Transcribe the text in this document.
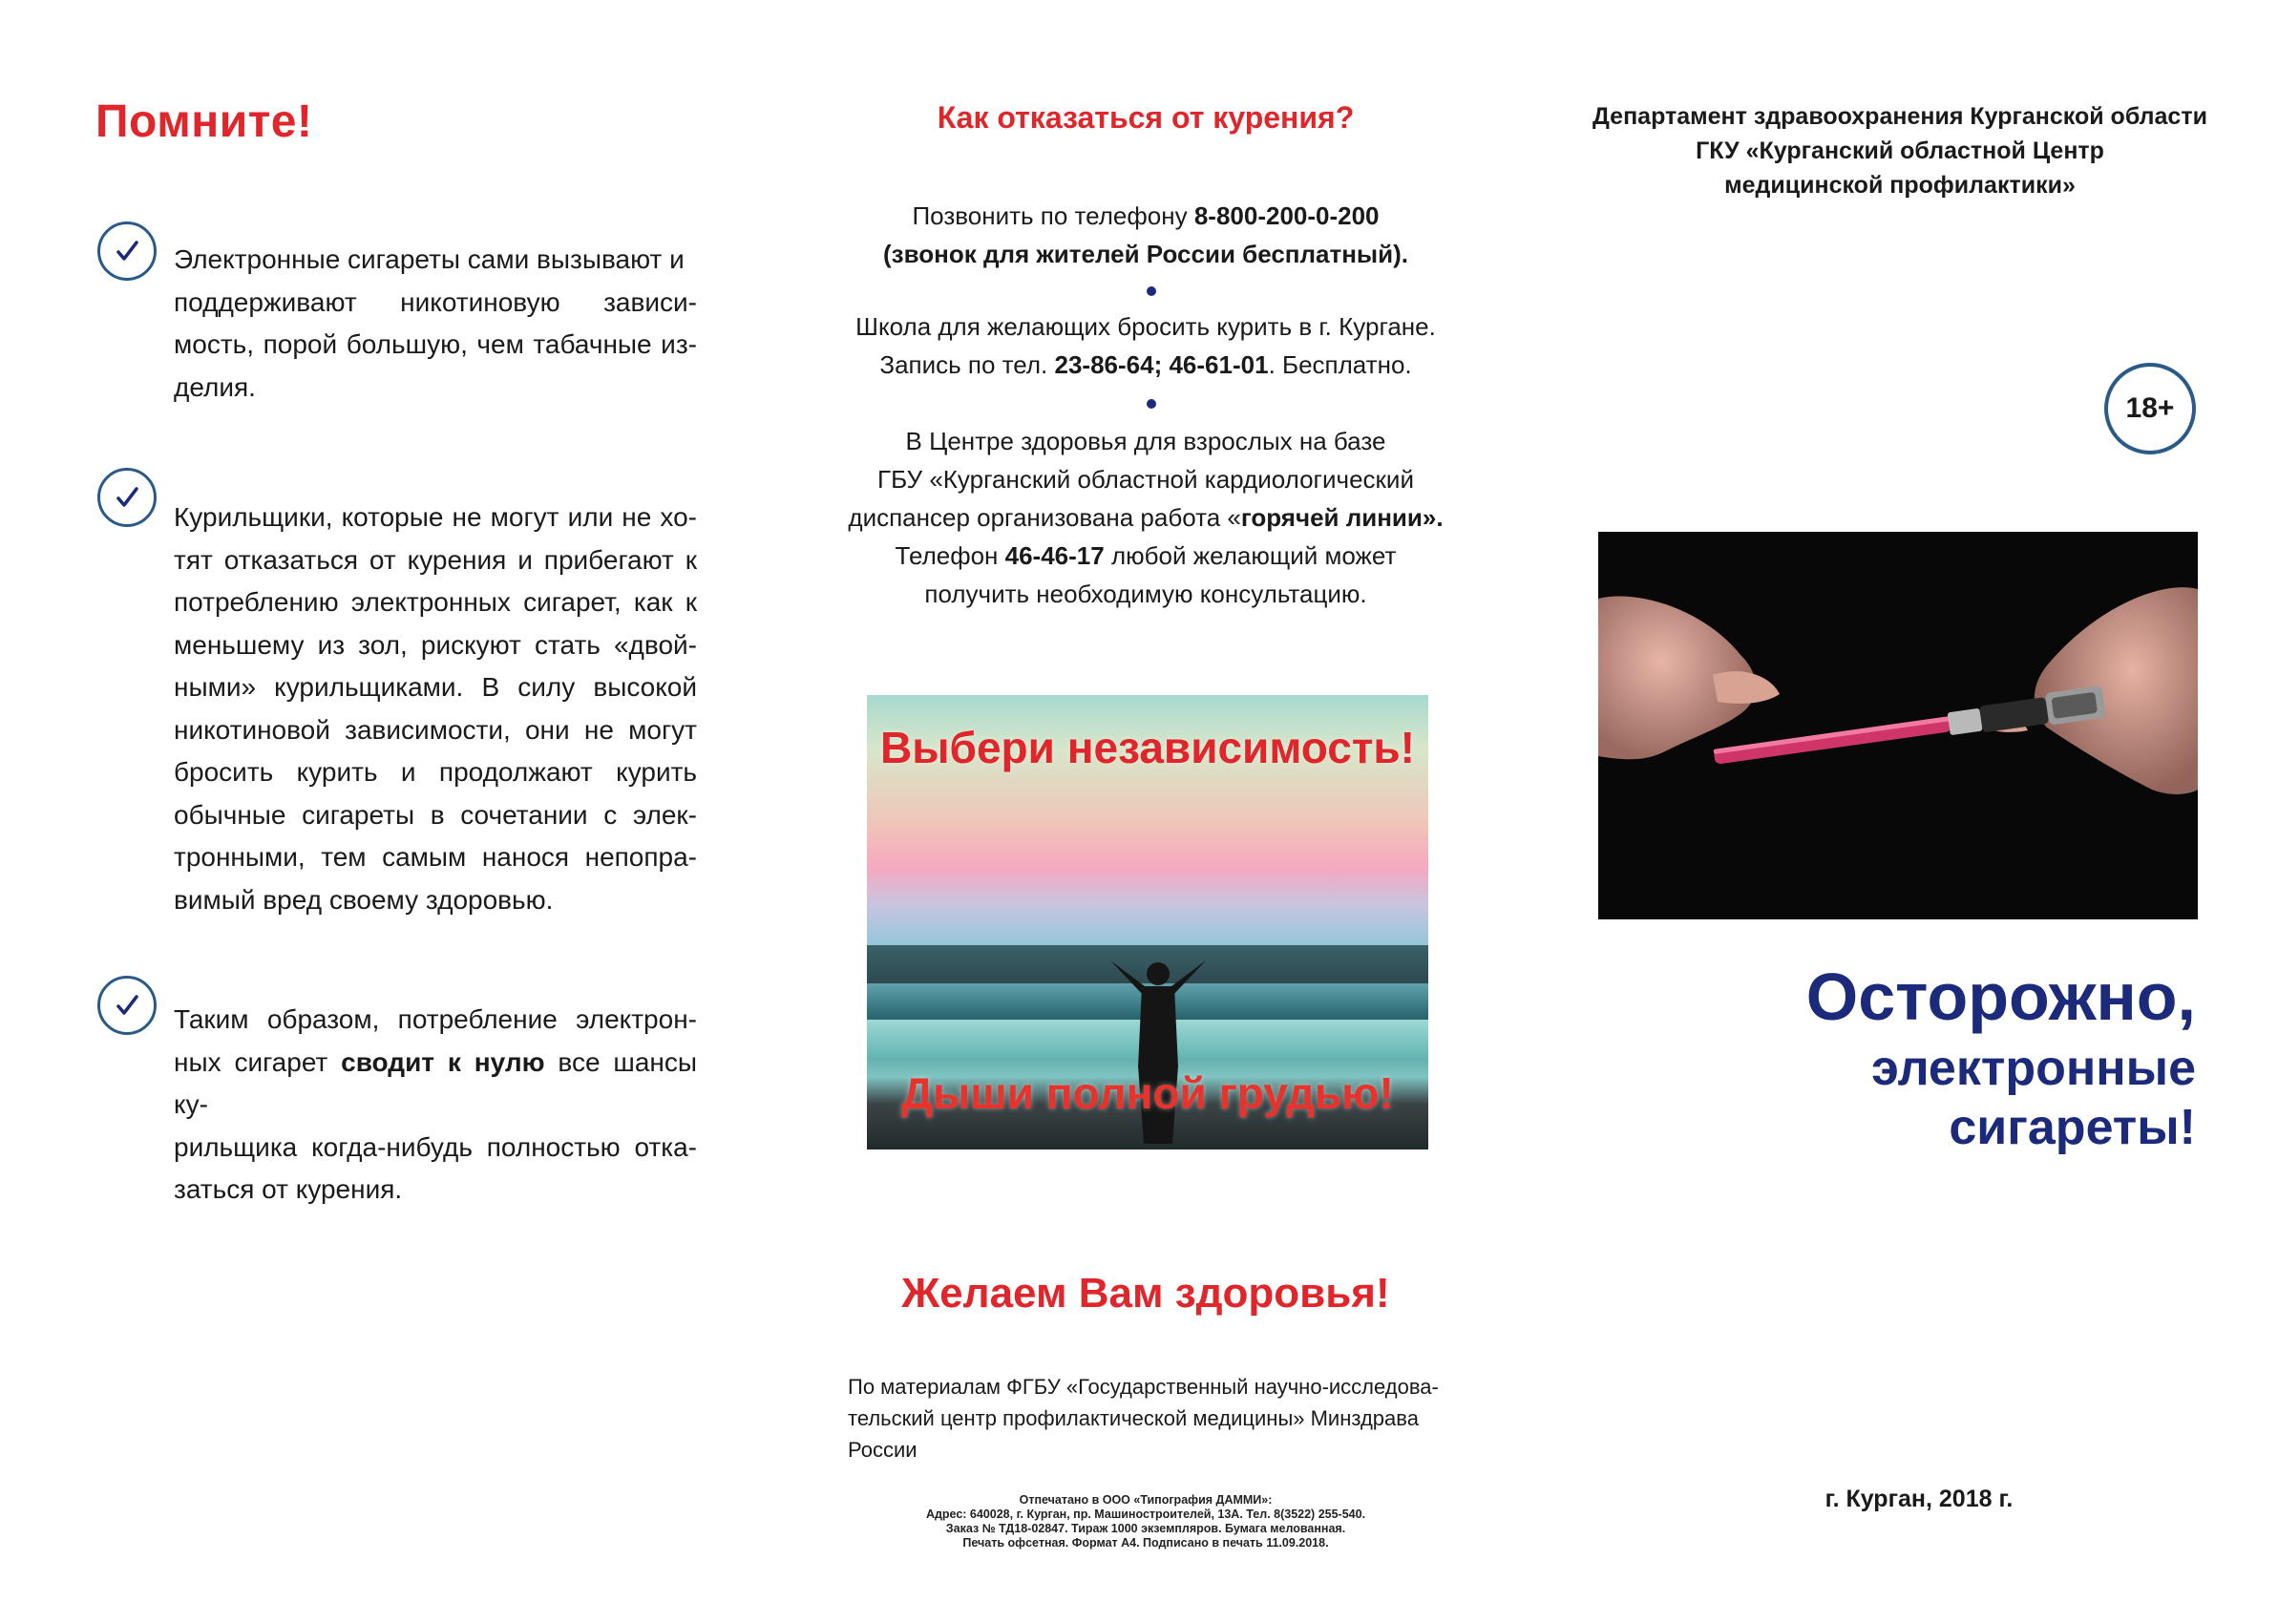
Помните!
Электронные сигареты сами вызывают и
поддерживают никотиновую зависи-
мость, порой большую, чем табачные из-
делия.
Курильщики, которые не могут или не хо-
тят отказаться от курения и прибегают к
потреблению электронных сигарет, как к
меньшему из зол, рискуют стать «двой-
ными» курильщиками. В силу высокой
никотиновой зависимости, они не могут
бросить курить и продолжают курить
обычные сигареты в сочетании с элек-
тронными, тем самым нанося непопра-
вимый вред своему здоровью.
Таким образом, потребление электрон-
ных сигарет сводит к нулю все шансы ку-
рильщика когда-нибудь полностью отка-
заться от курения.
Как отказаться от курения?
Позвонить по телефону 8-800-200-0-200
(звонок для жителей России бесплатный).
Школа для желающих бросить курить в г. Кургане.
Запись по тел. 23-86-64; 46-61-01. Бесплатно.
В Центре здоровья для взрослых на базе
ГБУ «Курганский областной кардиологический
диспансер организована работа «горячей линии».
Телефон 46-46-17 любой желающий может
получить необходимую консультацию.
Выбери независимость!
Дыши полной грудью!
Желаем Вам здоровья!
По материалам ФГБУ «Государственный научно-исследова-
тельский центр профилактической медицины» Минздрава
России
Отпечатано в ООО «Типография ДАММИ»:
Адрес: 640028, г. Курган, пр. Машиностроителей, 13А. Тел. 8(3522) 255-540.
Заказ № ТД18-02847. Тираж 1000 экземпляров. Бумага мелованная.
Печать офсетная. Формат А4. Подписано в печать 11.09.2018.
Департамент здравоохранения Курганской области
ГКУ «Курганский областной Центр
медицинской профилактики»
18+
Осторожно,
электронные
сигареты!
г. Курган, 2018 г.
